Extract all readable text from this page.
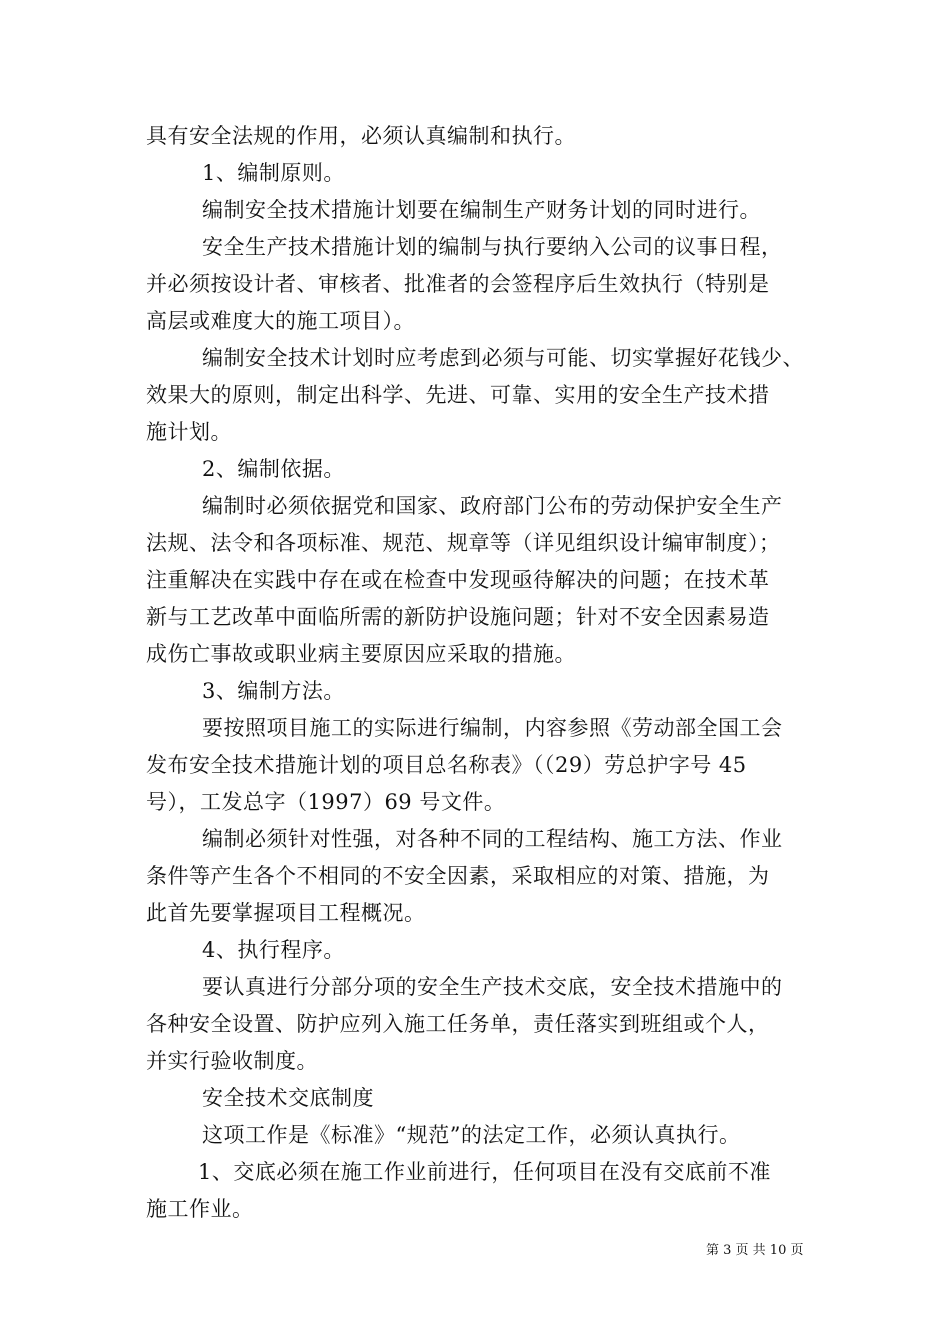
具有安全法规的作用，必须认真编制和执行。
1、编制原则。
编制安全技术措施计划要在编制生产财务计划的同时进行。
安全生产技术措施计划的编制与执行要纳入公司的议事日程，
并必须按设计者、审核者、批准者的会签程序后生效执行（特别是
高层或难度大的施工项目）。
编制安全技术计划时应考虑到必须与可能、切实掌握好花钱少、
效果大的原则，制定出科学、先进、可靠、实用的安全生产技术措
施计划。
2、编制依据。
编制时必须依据党和国家、政府部门公布的劳动保护安全生产
法规、法令和各项标准、规范、规章等（详见组织设计编审制度）；
注重解决在实践中存在或在检查中发现亟待解决的问题；在技术革
新与工艺改革中面临所需的新防护设施问题；针对不安全因素易造
成伤亡事故或职业病主要原因应采取的措施。
3、编制方法。
要按照项目施工的实际进行编制，内容参照《劳动部全国工会
发布安全技术措施计划的项目总名称表》（（29）劳总护字号 45
号），工发总字（1997）69 号文件。
编制必须针对性强，对各种不同的工程结构、施工方法、作业
条件等产生各个不相同的不安全因素，采取相应的对策、措施，为
此首先要掌握项目工程概况。
4、执行程序。
要认真进行分部分项的安全生产技术交底，安全技术措施中的
各种安全设置、防护应列入施工任务单，责任落实到班组或个人，
并实行验收制度。
安全技术交底制度
这项工作是《标准》“规范”的法定工作，必须认真执行。
1、交底必须在施工作业前进行，任何项目在没有交底前不准
施工作业。
第 3 页 共 10 页
